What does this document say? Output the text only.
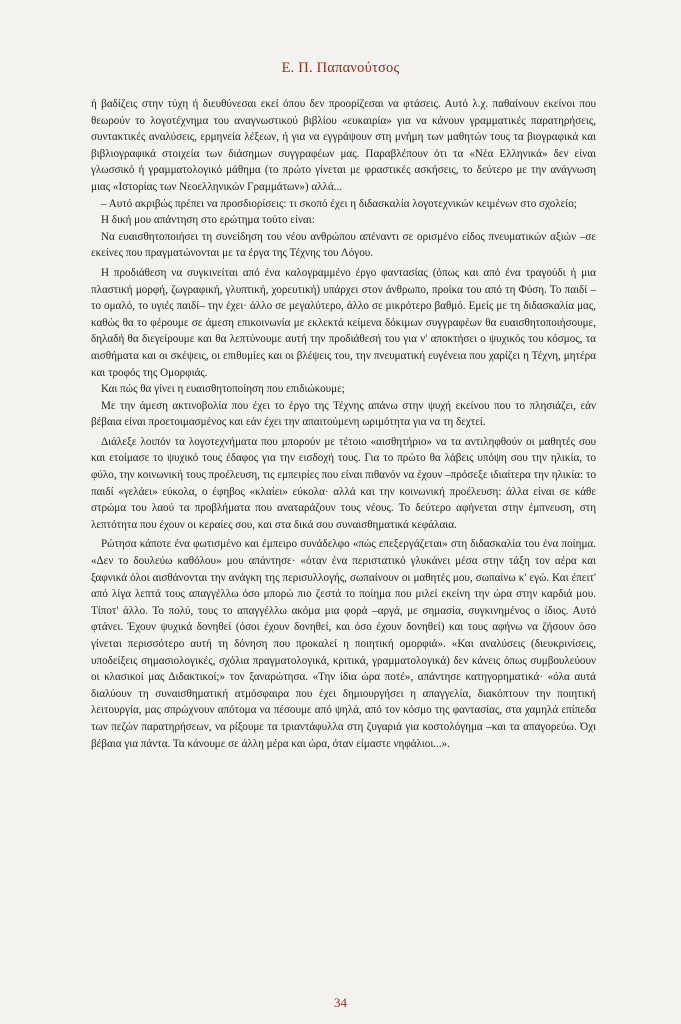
Ε. Π. Παπανούτσος

ή βαδίζεις στην τύχη ή διευθύνεσαι εκεί όπου δεν προορίζεσαι να φτάσεις. Αυτό λ.χ. παθαίνουν εκείνοι που θεωρούν το λογοτέχνημα του αναγνωστικού βιβλίου «ευκαιρία» για να κάνουν γραμματικές παρατηρήσεις, συντακτικές αναλύσεις, ερμηνεία λέξεων, ή για να εγγράψουν στη μνήμη των μαθητών τους τα βιογραφικά και βιβλιογραφικά στοιχεία των διάσημων συγγραφέων μας. Παραβλέπουν ότι τα «Νέα Ελληνικά» δεν είναι γλωσσικό ή γραμματολογικό μάθημα (το πρώτο γίνεται με φραστικές ασκήσεις, το δεύτερο με την ανάγνωση μιας «Ιστορίας των Νεοελληνικών Γραμμάτων») αλλά...

– Αυτό ακριβώς πρέπει να προσδιορίσεις: τι σκοπό έχει η διδασκαλία λογοτεχνικών κειμένων στο σχολείο;

Η δική μου απάντηση στο ερώτημα τούτο είναι:

Να ευαισθητοποιήσει τη συνείδηση του νέου ανθρώπου απέναντι σε ορισμένο είδος πνευματικών αξιών –σε εκείνες που πραγματώνονται με τα έργα της Τέχνης του Λόγου.

Η προδιάθεση να συγκινείται από ένα καλογραμμένο έργο φαντασίας (όπως και από ένα τραγούδι ή μια πλαστική μορφή, ζωγραφική, γλυπτική, χορευτική) υπάρχει στον άνθρωπο, προίκα του από τη Φύση. Το παιδί –το ομαλό, το υγιές παιδί– την έχει· άλλο σε μεγαλύτερο, άλλο σε μικρότερο βαθμό. Εμείς με τη διδασκαλία μας, καθώς θα το φέρουμε σε άμεση επικοινωνία με εκλεκτά κείμενα δόκιμων συγγραφέων θα ευαισθητοποιήσουμε, δηλαδή θα διεγείρουμε και θα λεπτύνουμε αυτή την προδιάθεσή του για ν' αποκτήσει ο ψυχικός του κόσμος, τα αισθήματα και οι σκέψεις, οι επιθυμίες και οι βλέψεις του, την πνευματική ευγένεια που χαρίζει η Τέχνη, μητέρα και τροφός της Ομορφιάς.

Και πώς θα γίνει η ευαισθητοποίηση που επιδιώκουμε;

Με την άμεση ακτινοβολία που έχει το έργο της Τέχνης απάνω στην ψυχή εκείνου που το πλησιάζει, εάν βέβαια είναι προετοιμασμένος και εάν έχει την απαιτούμενη ωριμότητα για να τη δεχτεί.

Διάλεξε λοιπόν τα λογοτεχνήματα που μπορούν με τέτοιο «αισθητήριο» να τα αντιληφθούν οι μαθητές σου και ετοίμασε το ψυχικό τους έδαφος για την εισδοχή τους. Για το πρώτο θα λάβεις υπόψη σου την ηλικία, το φύλο, την κοινωνική τους προέλευση, τις εμπειρίες που είναι πιθανόν να έχουν –πρόσεξε ιδιαίτερα την ηλικία: το παιδί «γελάει» εύκολα, ο έφηβος «κλαίει» εύκολα· αλλά και την κοινωνική προέλευση: άλλα είναι σε κάθε στρώμα του λαού τα προβλήματα που αναταράζουν τους νέους. Το δεύτερο αφήνεται στην έμπνευση, στη λεπτότητα που έχουν οι κεραίες σου, και στα δικά σου συναισθηματικά κεφάλαια.

Ρώτησα κάποτε ένα φωτισμένο και έμπειρο συνάδελφο «πώς επεξεργάζεται» στη διδασκαλία του ένα ποίημα. «Δεν το δουλεύω καθόλου» μου απάντησε· «όταν ένα περιστατικό γλυκάνει μέσα στην τάξη τον αέρα και ξαφνικά όλοι αισθάνονται την ανάγκη της περισυλλογής, σωπαίνουν οι μαθητές μου, σωπαίνω κ' εγώ. Και έπειτ' από λίγα λεπτά τους απαγγέλλω όσο μπορώ πιο ζεστά το ποίημα που μιλεί εκείνη την ώρα στην καρδιά μου. Τίποτ' άλλο. Το πολύ, τους το απαγγέλλω ακόμα μια φορά –αργά, με σημασία, συγκινημένος ο ίδιος. Αυτό φτάνει. Έχουν ψυχικά δονηθεί (όσοι έχουν δονηθεί, και όσο έχουν δονηθεί) και τους αφήνω να ζήσουν όσο γίνεται περισσότερο αυτή τη δόνηση που προκαλεί η ποιητική ομορφιά». «Και αναλύσεις (διευκρινίσεις, υποδείξεις σημασιολογικές, σχόλια πραγματολογικά, κριτικά, γραμματολογικά) δεν κάνεις όπως συμβουλεύουν οι κλασικοί μας Διδακτικοί;» τον ξαναρώτησα. «Την ίδια ώρα ποτέ», απάντησε κατηγορηματικά· «όλα αυτά διαλύουν τη συναισθηματική ατμόσφαιρα που έχει δημιουργήσει η απαγγελία, διακόπτουν την ποιητική λειτουργία, μας σπρώχνουν απότομα να πέσουμε από ψηλά, από τον κόσμο της φαντασίας, στα χαμηλά επίπεδα των πεζών παρατηρήσεων, να ρίξουμε τα τριαντάφυλλα στη ζυγαριά για κοστολόγημα –και τα απαγορεύω. Όχι βέβαια για πάντα. Τα κάνουμε σε άλλη μέρα και ώρα, όταν είμαστε νηφάλιοι...».

34
